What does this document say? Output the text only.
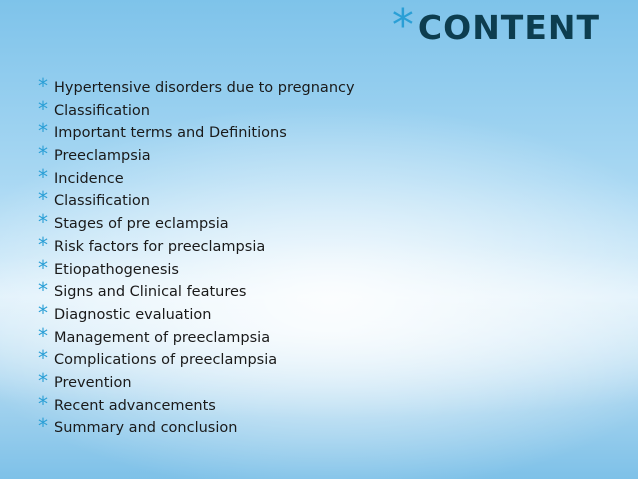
* CONTENT
* Hypertensive disorders due to pregnancy
* Classification
* Important terms and Definitions
* Preeclampsia
* Incidence
* Classification
* Stages of pre eclampsia
* Risk factors for preeclampsia
* Etiopathogenesis
* Signs and Clinical features
* Diagnostic evaluation
* Management of preeclampsia
* Complications of preeclampsia
* Prevention
* Recent advancements
* Summary and conclusion
